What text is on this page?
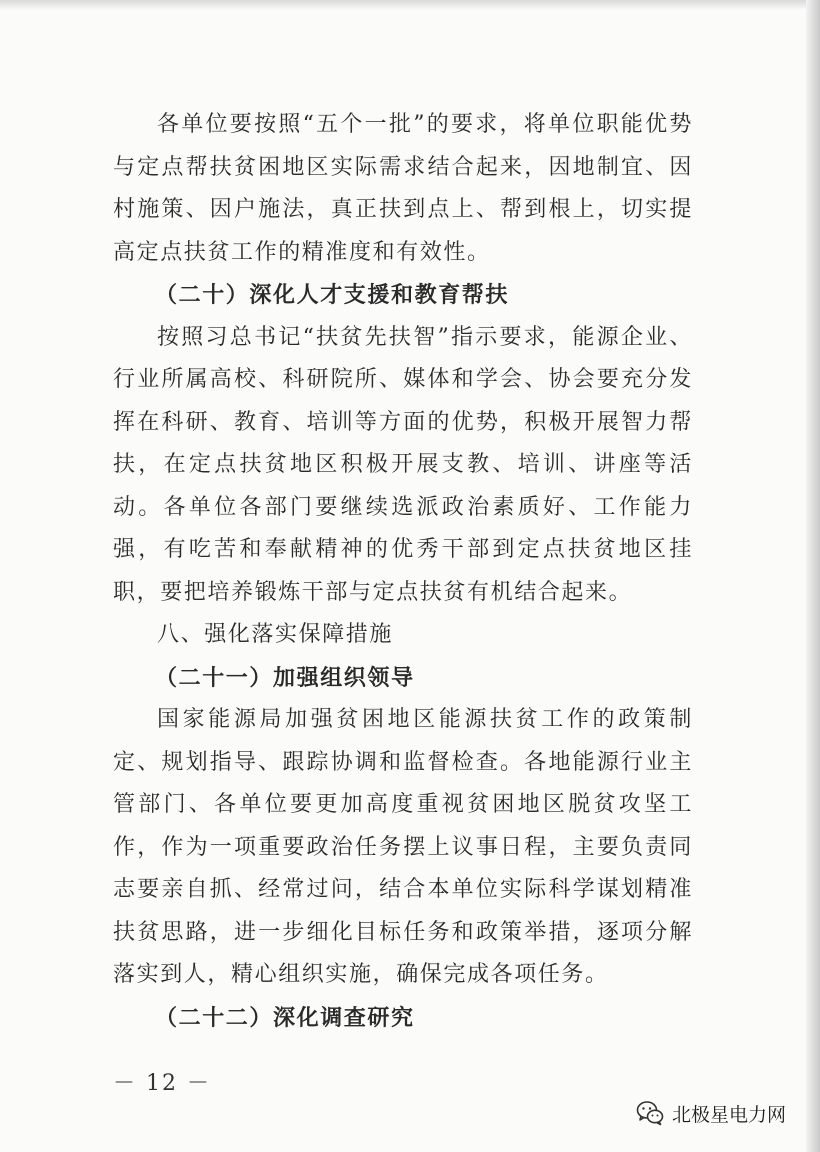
各单位要按照“五个一批”的要求，将单位职能优势与定点帮扶贫困地区实际需求结合起来，因地制宜、因村施策、因户施法，真正扶到点上、帮到根上，切实提高定点扶贫工作的精准度和有效性。

（二十）深化人才支援和教育帮扶

按照习总书记“扶贫先扶智”指示要求，能源企业、行业所属高校、科研院所、媒体和学会、协会要充分发挥在科研、教育、培训等方面的优势，积极开展智力帮扶，在定点扶贫地区积极开展支教、培训、讲座等活动。各单位各部门要继续选派政治素质好、工作能力强，有吃苦和奉献精神的优秀干部到定点扶贫地区挂职，要把培养锻炼干部与定点扶贫有机结合起来。

八、强化落实保障措施

（二十一）加强组织领导

国家能源局加强贫困地区能源扶贫工作的政策制定、规划指导、跟踪协调和监督检查。各地能源行业主管部门、各单位要更加高度重视贫困地区脱贫攻坚工作，作为一项重要政治任务摆上议事日程，主要负责同志要亲自抓、经常过问，结合本单位实际科学谋划精准扶贫思路，进一步细化目标任务和政策举措，逐项分解落实到人，精心组织实施，确保完成各项任务。

（二十二）深化调查研究

－ 12 －
北极星电力网
